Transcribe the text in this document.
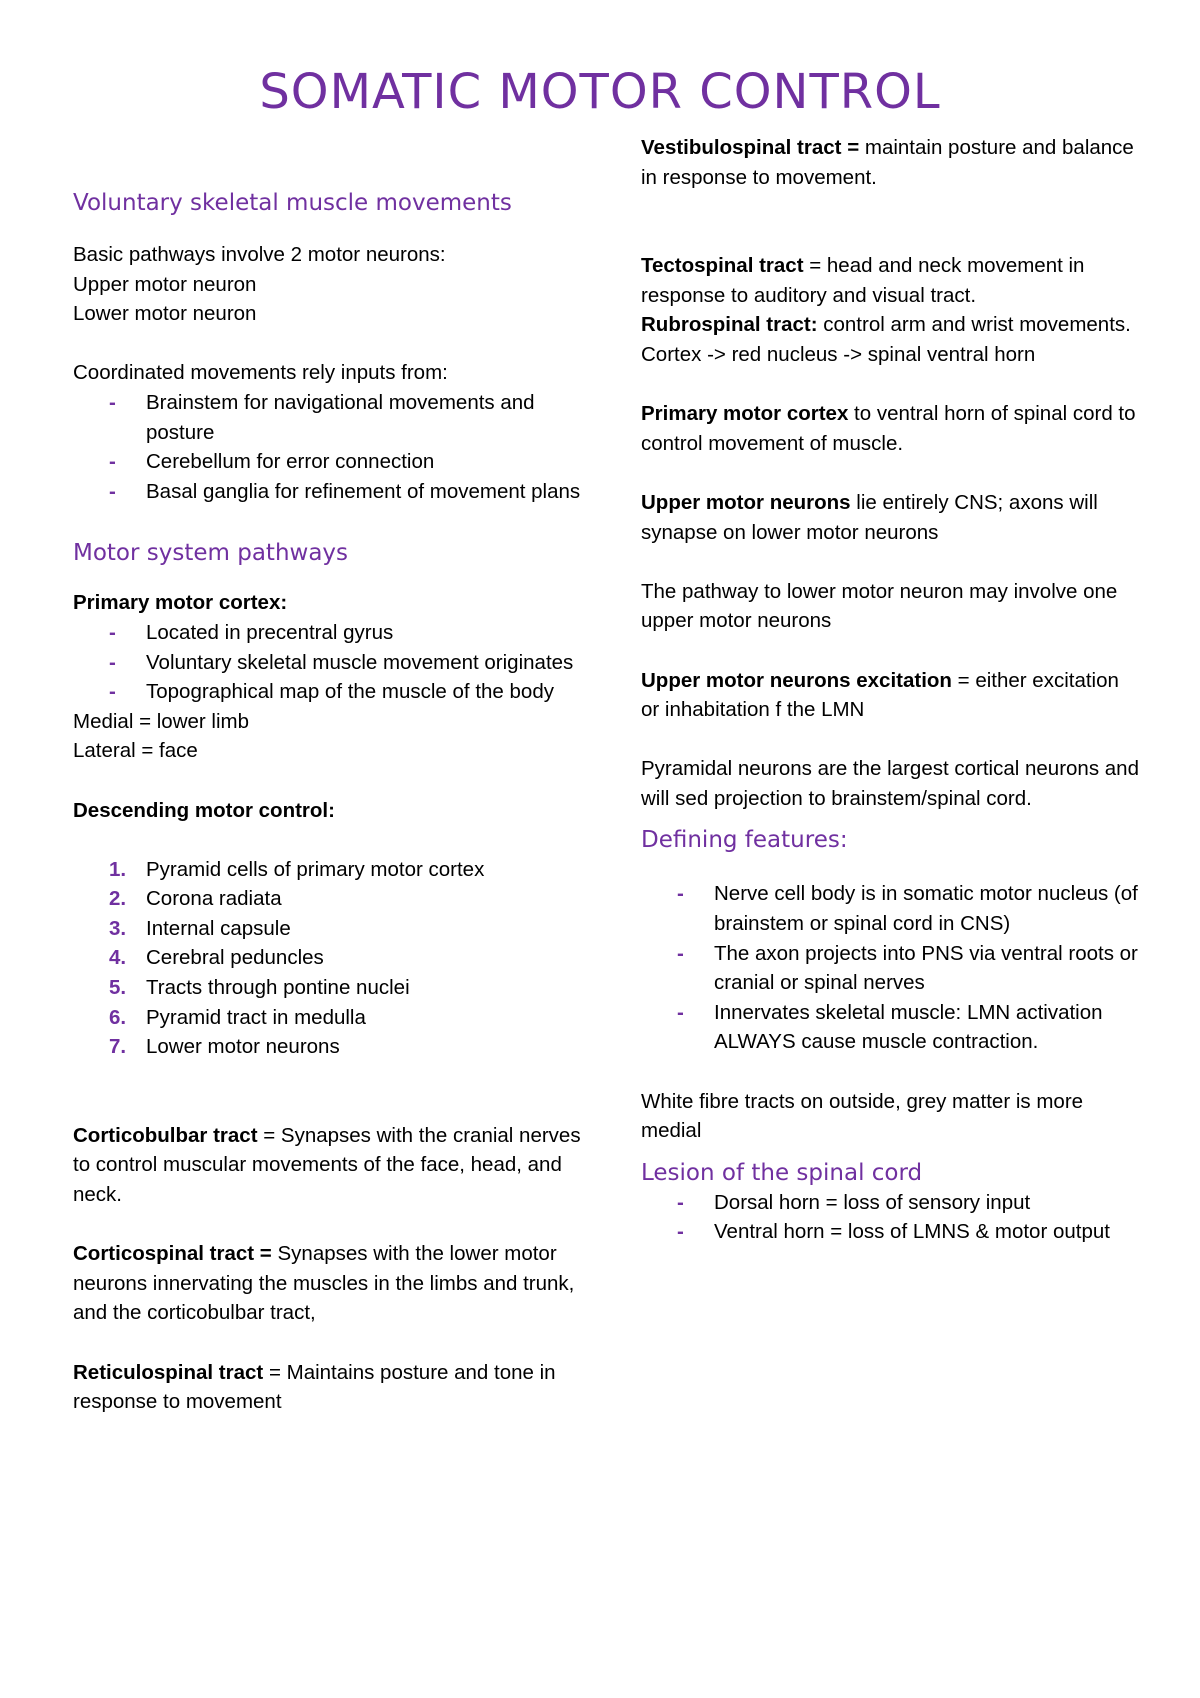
SOMATIC MOTOR CONTROL
Voluntary skeletal muscle movements
Basic pathways involve 2 motor neurons:
Upper motor neuron
Lower motor neuron
Coordinated movements rely inputs from:
- Brainstem for navigational movements and posture
- Cerebellum for error connection
- Basal ganglia for refinement of movement plans
Motor system pathways
Primary motor cortex:
- Located in precentral gyrus
- Voluntary skeletal muscle movement originates
- Topographical map of the muscle of the body
Medial = lower limb
Lateral = face
Descending motor control:
1. Pyramid cells of primary motor cortex
2. Corona radiata
3. Internal capsule
4. Cerebral peduncles
5. Tracts through pontine nuclei
6. Pyramid tract in medulla
7. Lower motor neurons
Corticobulbar tract = Synapses with the cranial nerves to control muscular movements of the face, head, and neck.
Corticospinal tract = Synapses with the lower motor neurons innervating the muscles in the limbs and trunk, and the corticobulbar tract,
Reticulospinal tract = Maintains posture and tone in response to movement
Vestibulospinal tract = maintain posture and balance in response to movement.
Tectospinal tract = head and neck movement in response to auditory and visual tract.
Rubrospinal tract: control arm and wrist movements.
Cortex -> red nucleus -> spinal ventral horn
Primary motor cortex to ventral horn of spinal cord to control movement of muscle.
Upper motor neurons lie entirely CNS; axons will synapse on lower motor neurons
The pathway to lower motor neuron may involve one upper motor neurons
Upper motor neurons excitation = either excitation or inhabitation f the LMN
Pyramidal neurons are the largest cortical neurons and will sed projection to brainstem/spinal cord.
Defining features:
- Nerve cell body is in somatic motor nucleus (of brainstem or spinal cord in CNS)
- The axon projects into PNS via ventral roots or cranial or spinal nerves
- Innervates skeletal muscle: LMN activation ALWAYS cause muscle contraction.
White fibre tracts on outside, grey matter is more medial
Lesion of the spinal cord
- Dorsal horn = loss of sensory input
- Ventral horn = loss of LMNS & motor output
